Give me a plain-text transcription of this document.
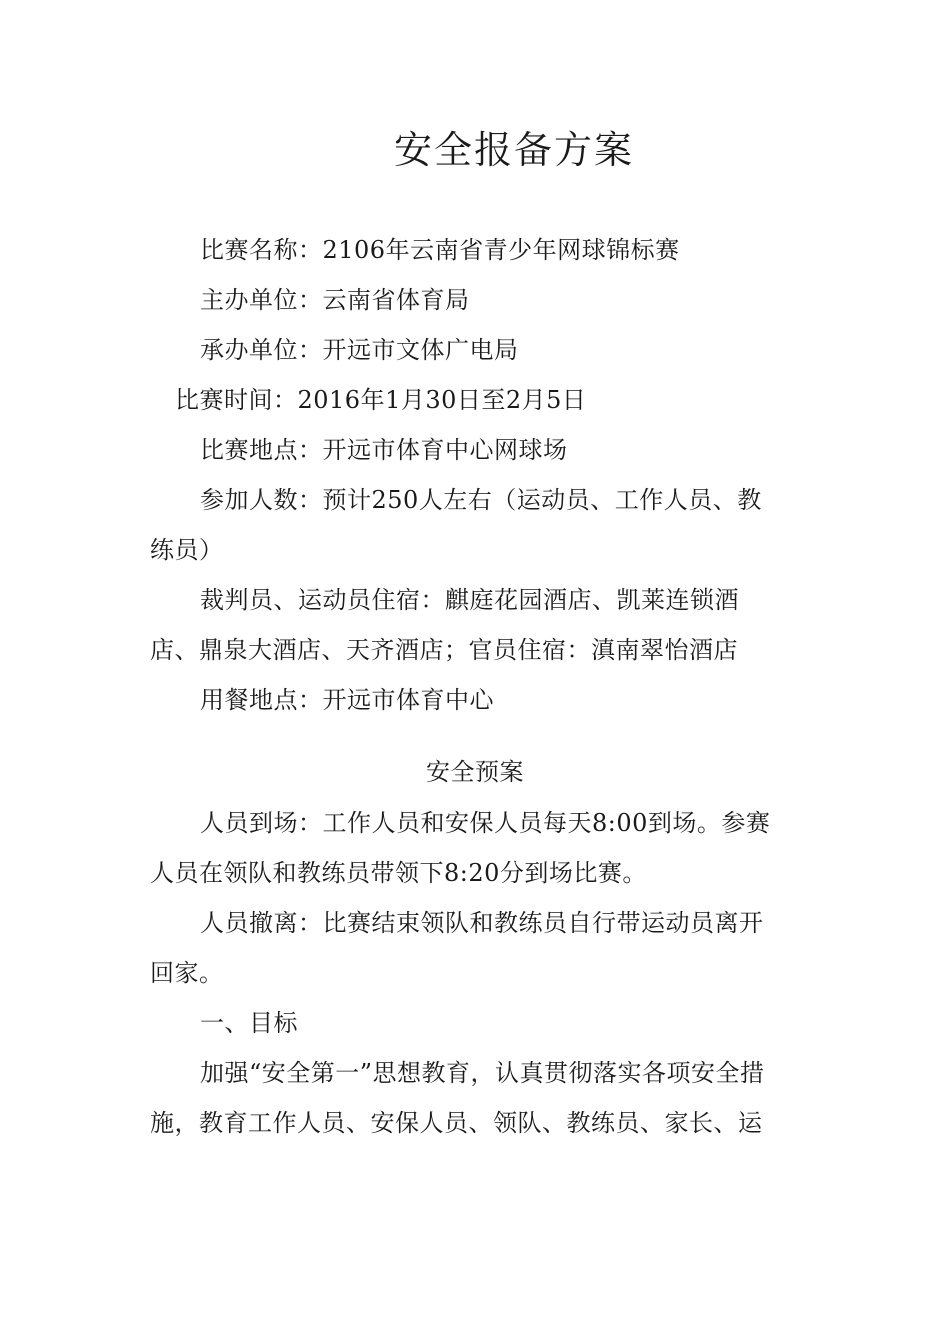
安全报备方案
比赛名称：2106年云南省青少年网球锦标赛
主办单位：云南省体育局
承办单位：开远市文体广电局
比赛时间：2016年1月30日至2月5日
比赛地点：开远市体育中心网球场
参加人数：预计250人左右（运动员、工作人员、教
练员）
裁判员、运动员住宿：麒庭花园酒店、凯莱连锁酒
店、鼎泉大酒店、天齐酒店；官员住宿：滇南翠怡酒店
用餐地点：开远市体育中心
安全预案
人员到场：工作人员和安保人员每天8:00到场。参赛
人员在领队和教练员带领下8:20分到场比赛。
人员撤离：比赛结束领队和教练员自行带运动员离开
回家。
一、目标
加强“安全第一”思想教育，认真贯彻落实各项安全措
施，教育工作人员、安保人员、领队、教练员、家长、运
